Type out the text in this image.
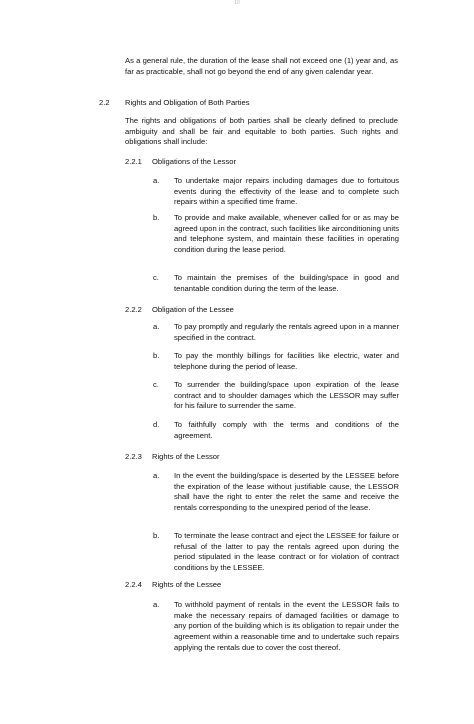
10
As a general rule, the duration of the lease shall not exceed one (1) year and, as far as practicable, shall not go beyond the end of any given calendar year.
2.2 Rights and Obligation of Both Parties
The rights and obligations of both parties shall be clearly defined to preclude ambiguity and shall be fair and equitable to both parties. Such rights and obligations shall include:
2.2.1 Obligations of the Lessor
a. To undertake major repairs including damages due to fortuitous events during the effectivity of the lease and to complete such repairs within a specified time frame.
b. To provide and make available, whenever called for or as may be agreed upon in the contract, such facilities like airconditioning units and telephone system, and maintain these facilities in operating condition during the lease period.
c. To maintain the premises of the building/space in good and tenantable condition during the term of the lease.
2.2.2 Obligation of the Lessee
a. To pay promptly and regularly the rentals agreed upon in a manner specified in the contract.
b. To pay the monthly billings for facilities like electric, water and telephone during the period of lease.
c. To surrender the building/space upon expiration of the lease contract and to shoulder damages which the LESSOR may suffer for his failure to surrender the same.
d. To faithfully comply with the terms and conditions of the agreement.
2.2.3 Rights of the Lessor
a. In the event the building/space is deserted by the LESSEE before the expiration of the lease without justifiable cause, the LESSOR shall have the right to enter the relet the same and receive the rentals corresponding to the unexpired period of the lease.
b. To terminate the lease contract and eject the LESSEE for failure or refusal of the latter to pay the rentals agreed upon during the period stipulated in the lease contract or for violation of contract conditions by the LESSEE.
2.2.4 Rights of the Lessee
a. To withhold payment of rentals in the event the LESSOR fails to make the necessary repairs of damaged facilities or damage to any portion of the building which is its obligation to repair under the agreement within a reasonable time and to undertake such repairs applying the rentals due to cover the cost thereof.
